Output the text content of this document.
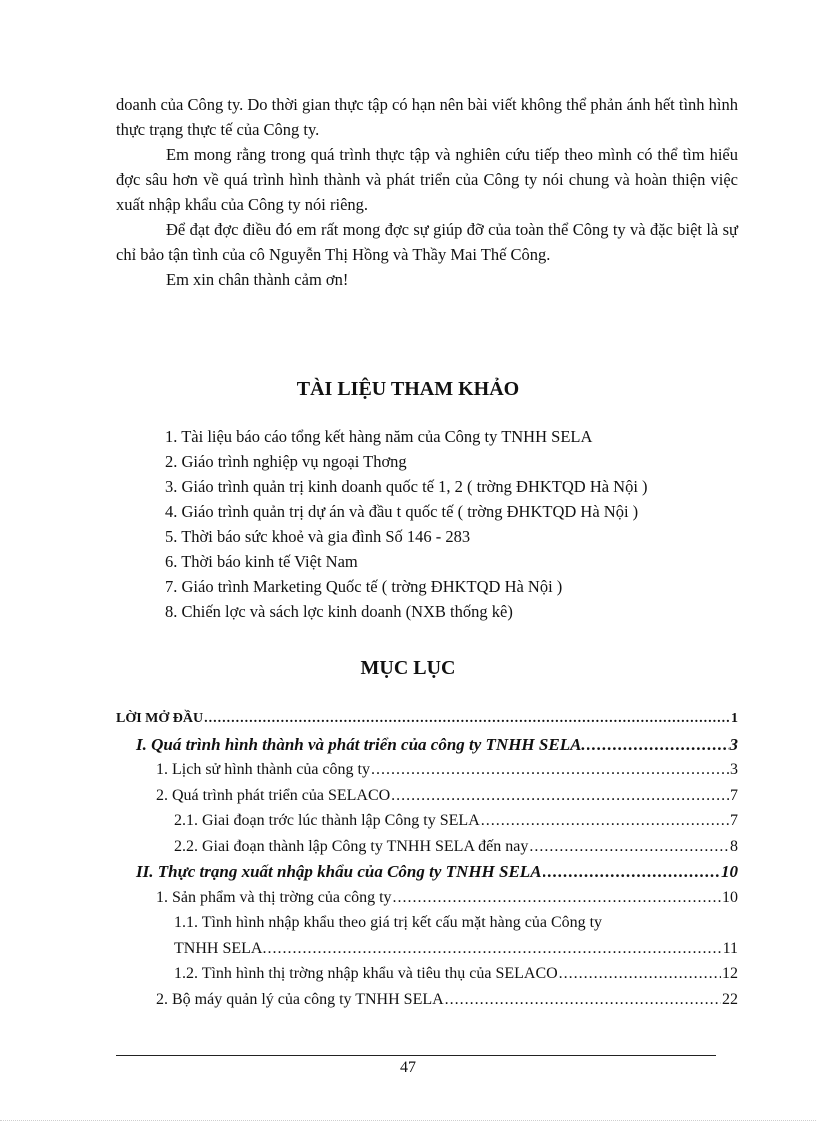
doanh của Công ty. Do thời gian thực tập có hạn nên bài viết không thể phản ánh hết tình hình thực trạng thực tế của Công ty.

Em mong rằng trong quá trình thực tập và nghiên cứu tiếp theo mình có thể tìm hiểu đợc sâu hơn về quá trình hình thành và phát triển của Công ty nói chung và hoàn thiện việc xuất nhập khẩu của Công ty nói riêng.

Để đạt đợc điều đó em rất mong đợc sự giúp đỡ của toàn thể Công ty và đặc biệt là sự chỉ bảo tận tình của cô Nguyễn Thị Hồng và Thầy Mai Thế Công.

Em xin chân thành cảm ơn!

TÀI LIỆU THAM KHẢO
1. Tài liệu báo cáo tổng kết hàng năm của Công ty TNHH SELA
2. Giáo trình nghiệp vụ ngoại Thơng
3. Giáo trình quản trị kinh doanh quốc tế 1, 2 ( trờng ĐHKTQD Hà Nội )
4. Giáo trình quản trị dự án và đầu t quốc tế ( trờng ĐHKTQD Hà Nội )
5. Thời báo sức khoẻ và gia đình Số 146 - 283
6. Thời báo kinh tế Việt Nam
7. Giáo trình Marketing Quốc tế ( trờng ĐHKTQD Hà Nội )
8. Chiến lợc và sách lợc kinh doanh (NXB thống kê)
MỤC LỤC
LỜI MỞ ĐẦU .....	1
I. Quá trình hình thành và phát triển của công ty TNHH SELA. .....	3
1. Lịch sử hình thành của công ty .....	3
2. Quá trình phát triển của SELACO .....	7
2.1. Giai đoạn trớc lúc thành lập Công ty SELA .....	7
2.2. Giai đoạn thành lập Công ty TNHH SELA đến nay .....	8
II. Thực trạng xuất nhập khẩu của Công ty TNHH SELA .....	10
1. Sản phẩm và thị trờng của công ty .....	10
1.1. Tình hình nhập khẩu theo giá trị kết cấu mặt hàng của Công ty
TNHH SELA. .....	11
1.2. Tình hình thị trờng nhập khẩu và tiêu thụ của SELACO .....	12
2. Bộ máy quản lý của công ty TNHH SELA .....	22
47
